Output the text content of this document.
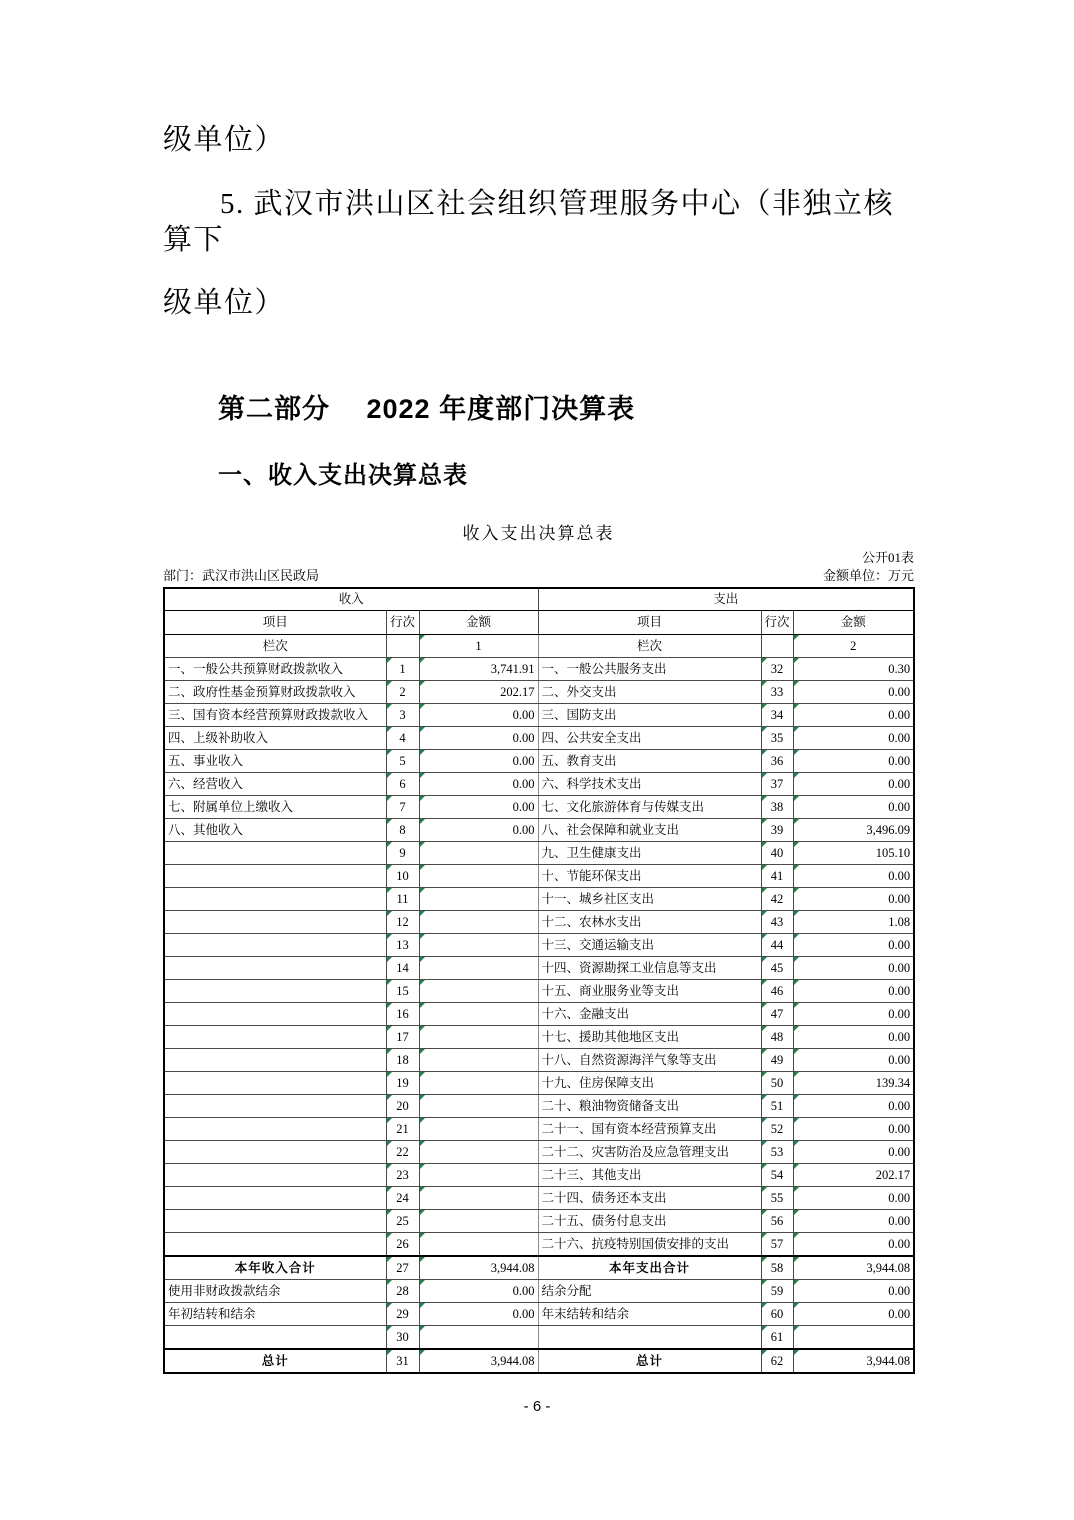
级单位）

5. 武汉市洪山区社会组织管理服务中心（非独立核算下

级单位）

第二部分　 2022 年度部门决算表
一、收入支出决算总表
收入支出决算总表
公开01表
部门：武汉市洪山区民政局	金额单位：万元
收入			支出		
项目	行次	金额	项目	行次	金额
栏次		1	栏次		2
一、一般公共预算财政拨款收入	1	3,741.91	一、一般公共服务支出	32	0.30
二、政府性基金预算财政拨款收入	2	202.17	二、外交支出	33	0.00
三、国有资本经营预算财政拨款收入	3	0.00	三、国防支出	34	0.00
四、上级补助收入	4	0.00	四、公共安全支出	35	0.00
五、事业收入	5	0.00	五、教育支出	36	0.00
六、经营收入	6	0.00	六、科学技术支出	37	0.00
七、附属单位上缴收入	7	0.00	七、文化旅游体育与传媒支出	38	0.00
八、其他收入	8	0.00	八、社会保障和就业支出	39	3,496.09
	9		九、卫生健康支出	40	105.10
	10		十、节能环保支出	41	0.00
	11		十一、城乡社区支出	42	0.00
	12		十二、农林水支出	43	1.08
	13		十三、交通运输支出	44	0.00
	14		十四、资源勘探工业信息等支出	45	0.00
	15		十五、商业服务业等支出	46	0.00
	16		十六、金融支出	47	0.00
	17		十七、援助其他地区支出	48	0.00
	18		十八、自然资源海洋气象等支出	49	0.00
	19		十九、住房保障支出	50	139.34
	20		二十、粮油物资储备支出	51	0.00
	21		二十一、国有资本经营预算支出	52	0.00
	22		二十二、灾害防治及应急管理支出	53	0.00
	23		二十三、其他支出	54	202.17
	24		二十四、债务还本支出	55	0.00
	25		二十五、债务付息支出	56	0.00
	26		二十六、抗疫特别国债安排的支出	57	0.00
本年收入合计	27	3,944.08	本年支出合计	58	3,944.08
使用非财政拨款结余	28	0.00	结余分配	59	0.00
年初结转和结余	29	0.00	年末结转和结余	60	0.00
	30			61	
总计	31	3,944.08	总计	62	3,944.08
- 6 -
